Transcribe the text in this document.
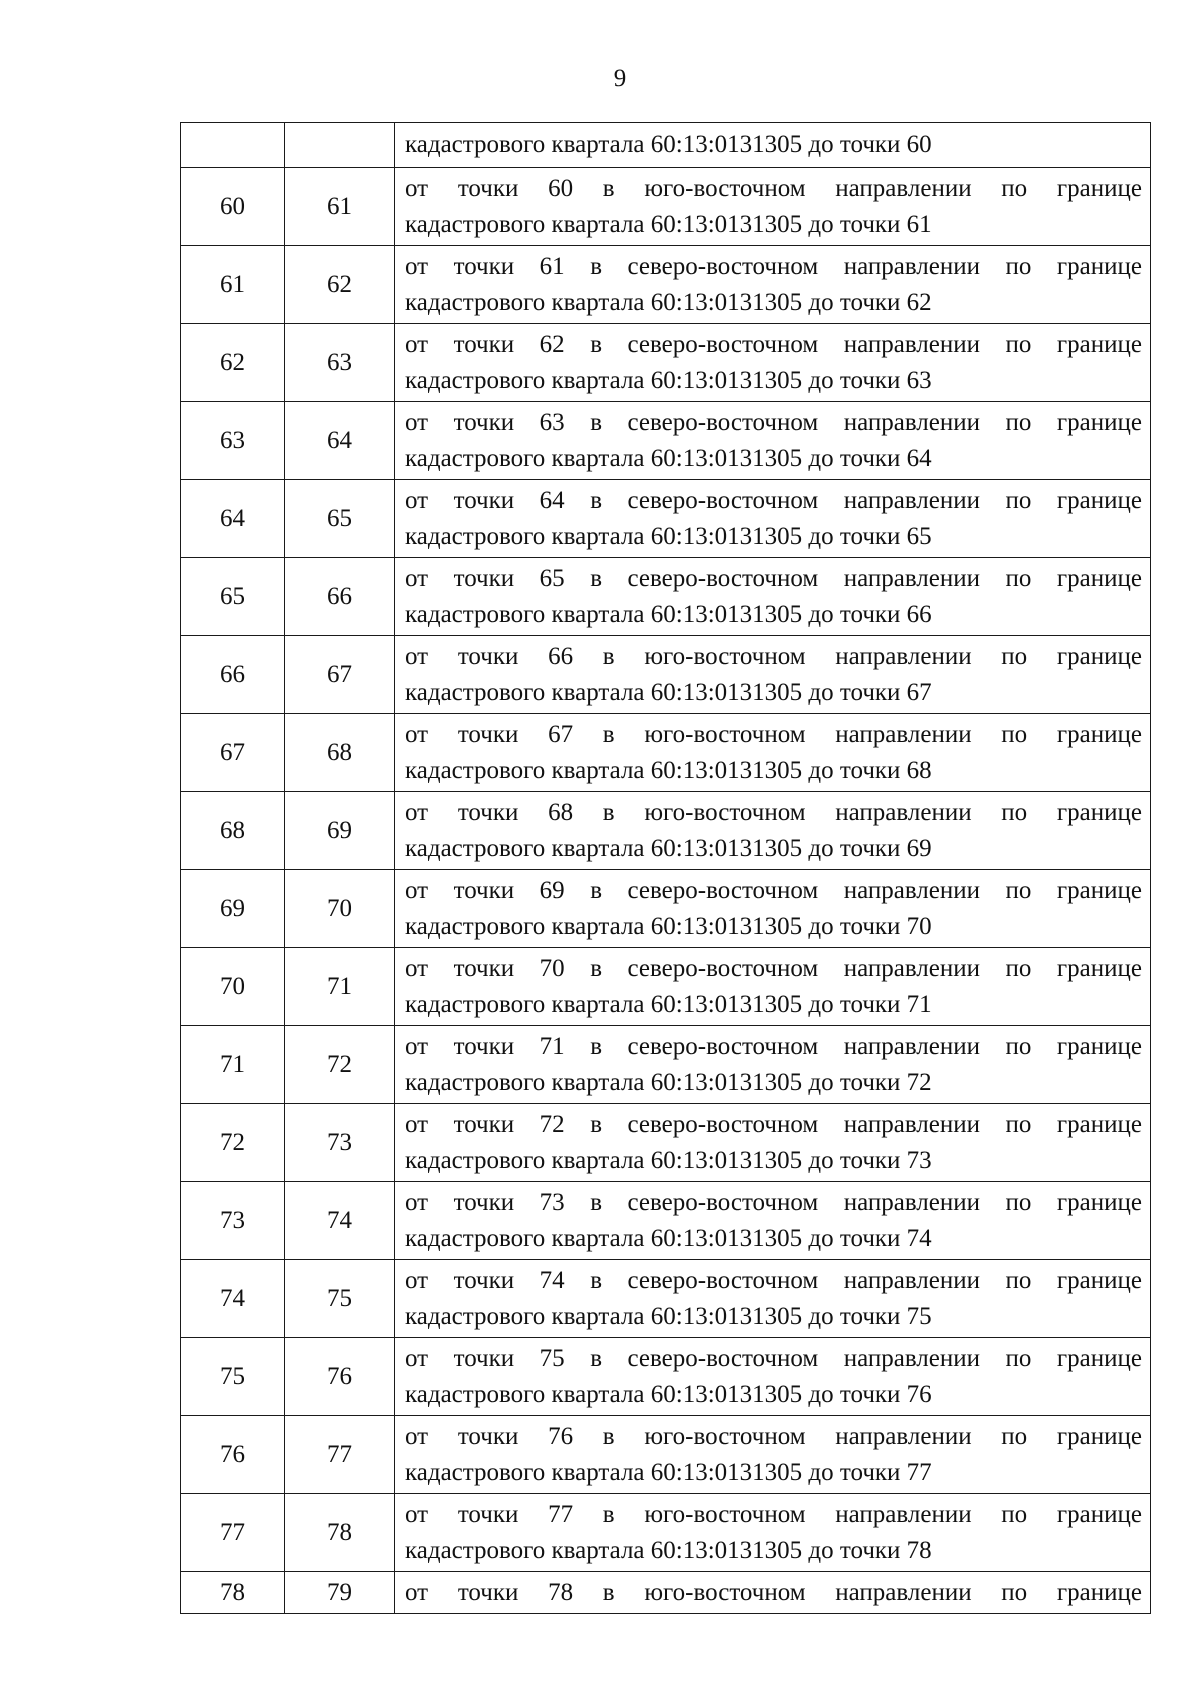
9

		кадастрового квартала 60:13:0131305 до точки 60

60	61	от точки 60 в юго-восточном направлении по границе
кадастрового квартала 60:13:0131305 до точки 61

61	62	от точки 61 в северо-восточном направлении по границе
кадастрового квартала 60:13:0131305 до точки 62

62	63	от точки 62 в северо-восточном направлении по границе
кадастрового квартала 60:13:0131305 до точки 63

63	64	от точки 63 в северо-восточном направлении по границе
кадастрового квартала 60:13:0131305 до точки 64

64	65	от точки 64 в северо-восточном направлении по границе
кадастрового квартала 60:13:0131305 до точки 65

65	66	от точки 65 в северо-восточном направлении по границе
кадастрового квартала 60:13:0131305 до точки 66

66	67	от точки 66 в юго-восточном направлении по границе
кадастрового квартала 60:13:0131305 до точки 67

67	68	от точки 67 в юго-восточном направлении по границе
кадастрового квартала 60:13:0131305 до точки 68

68	69	от точки 68 в юго-восточном направлении по границе
кадастрового квартала 60:13:0131305 до точки 69

69	70	от точки 69 в северо-восточном направлении по границе
кадастрового квартала 60:13:0131305 до точки 70

70	71	от точки 70 в северо-восточном направлении по границе
кадастрового квартала 60:13:0131305 до точки 71

71	72	от точки 71 в северо-восточном направлении по границе
кадастрового квартала 60:13:0131305 до точки 72

72	73	от точки 72 в северо-восточном направлении по границе
кадастрового квартала 60:13:0131305 до точки 73

73	74	от точки 73 в северо-восточном направлении по границе
кадастрового квартала 60:13:0131305 до точки 74

74	75	от точки 74 в северо-восточном направлении по границе
кадастрового квартала 60:13:0131305 до точки 75

75	76	от точки 75 в северо-восточном направлении по границе
кадастрового квартала 60:13:0131305 до точки 76

76	77	от точки 76 в юго-восточном направлении по границе
кадастрового квартала 60:13:0131305 до точки 77

77	78	от точки 77 в юго-восточном направлении по границе
кадастрового квартала 60:13:0131305 до точки 78

78	79	от точки 78 в юго-восточном направлении по границе
